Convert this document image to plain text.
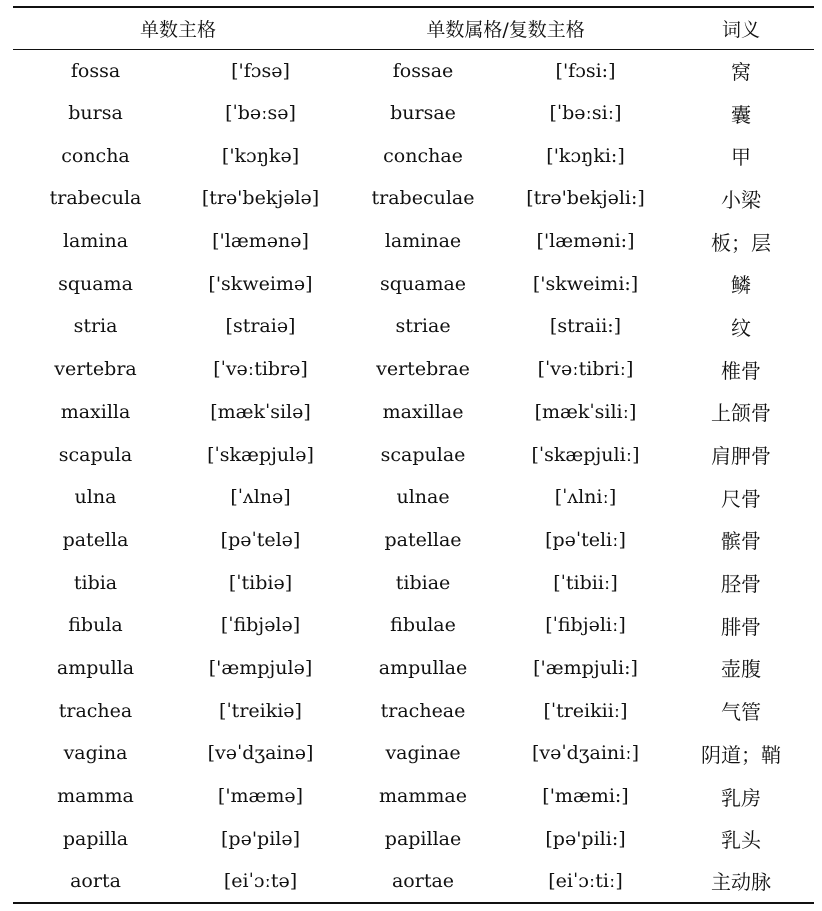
单数主格		单数属格/复数主格		词义
fossa	['fɔsə]	fossae	['fɔsi:]	窝
bursa	[ˈbəːsə]	bursae	[ˈbəːsiː]	囊
concha	['kɔŋkə]	conchae	['kɔŋki:]	甲
trabecula	[trə'bekjələ]	trabeculae	[trə'bekjəli:]	小梁
lamina	['læmənə]	laminae	['læməni:]	板；层
squama	['skweimə]	squamae	['skweimi:]	鳞
stria	[straiə]	striae	[straii:]	纹
vertebra	[ˈvəːtibrə]	vertebrae	[ˈvəːtibriː]	椎骨
maxilla	[mækˈsilə]	maxillae	[mækˈsiliː]	上颌骨
scapula	[ˈskæpjulə]	scapulae	[ˈskæpjuliː]	肩胛骨
ulna	[ˈʌlnə]	ulnae	[ˈʌlniː]	尺骨
patella	[pəˈtelə]	patellae	[pəˈteliː]	髌骨
tibia	[ˈtibiə]	tibiae	[ˈtibiiː]	胫骨
fibula	[ˈfibjələ]	fibulae	[ˈfibjəliː]	腓骨
ampulla	['æmpjulə]	ampullae	['æmpjuli:]	壶腹
trachea	[ˈtreikiə]	tracheae	[ˈtreikiiː]	气管
vagina	[vəˈdʒainə]	vaginae	[vəˈdʒainiː]	阴道；鞘
mamma	['mæmə]	mammae	['mæmi:]	乳房
papilla	[pə'pilə]	papillae	[pə'pili:]	乳头
aorta	[eiˈɔːtə]	aortae	[eiˈɔːtiː]	主动脉
